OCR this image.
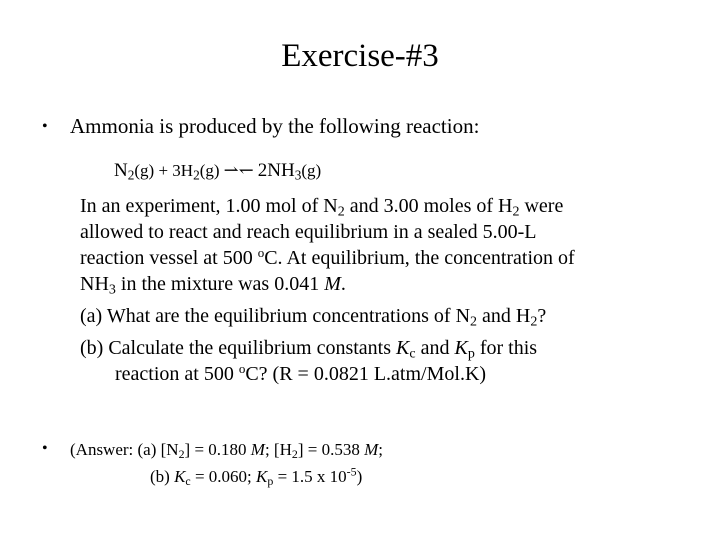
Exercise-#3
• Ammonia is produced by the following reaction:
$N_2(g) + 3H_2(g)$ ⇀↽ $2NH_3(g)$
In an experiment, 1.00 mol of $N_2$ and 3.00 moles of $H_2$ were
allowed to react and reach equilibrium in a sealed 5.00-L
reaction vessel at 500 $^o$C. At equilibrium, the concentration of
$NH_3$ in the mixture was 0.041 M.
(a) What are the equilibrium concentrations of $N_2$ and $H_2$?
(b) Calculate the equilibrium constants $K_c$ and $K_p$ for this
reaction at 500 $^o$C? (R = 0.0821 L.atm/Mol.K)
• (Answer: (a) $[N_2] = 0.180$ M; $[H_2] = 0.538$ M;
(b) $K_c = 0.060$; $K_p = 1.5$ x $10^{-5}$)
